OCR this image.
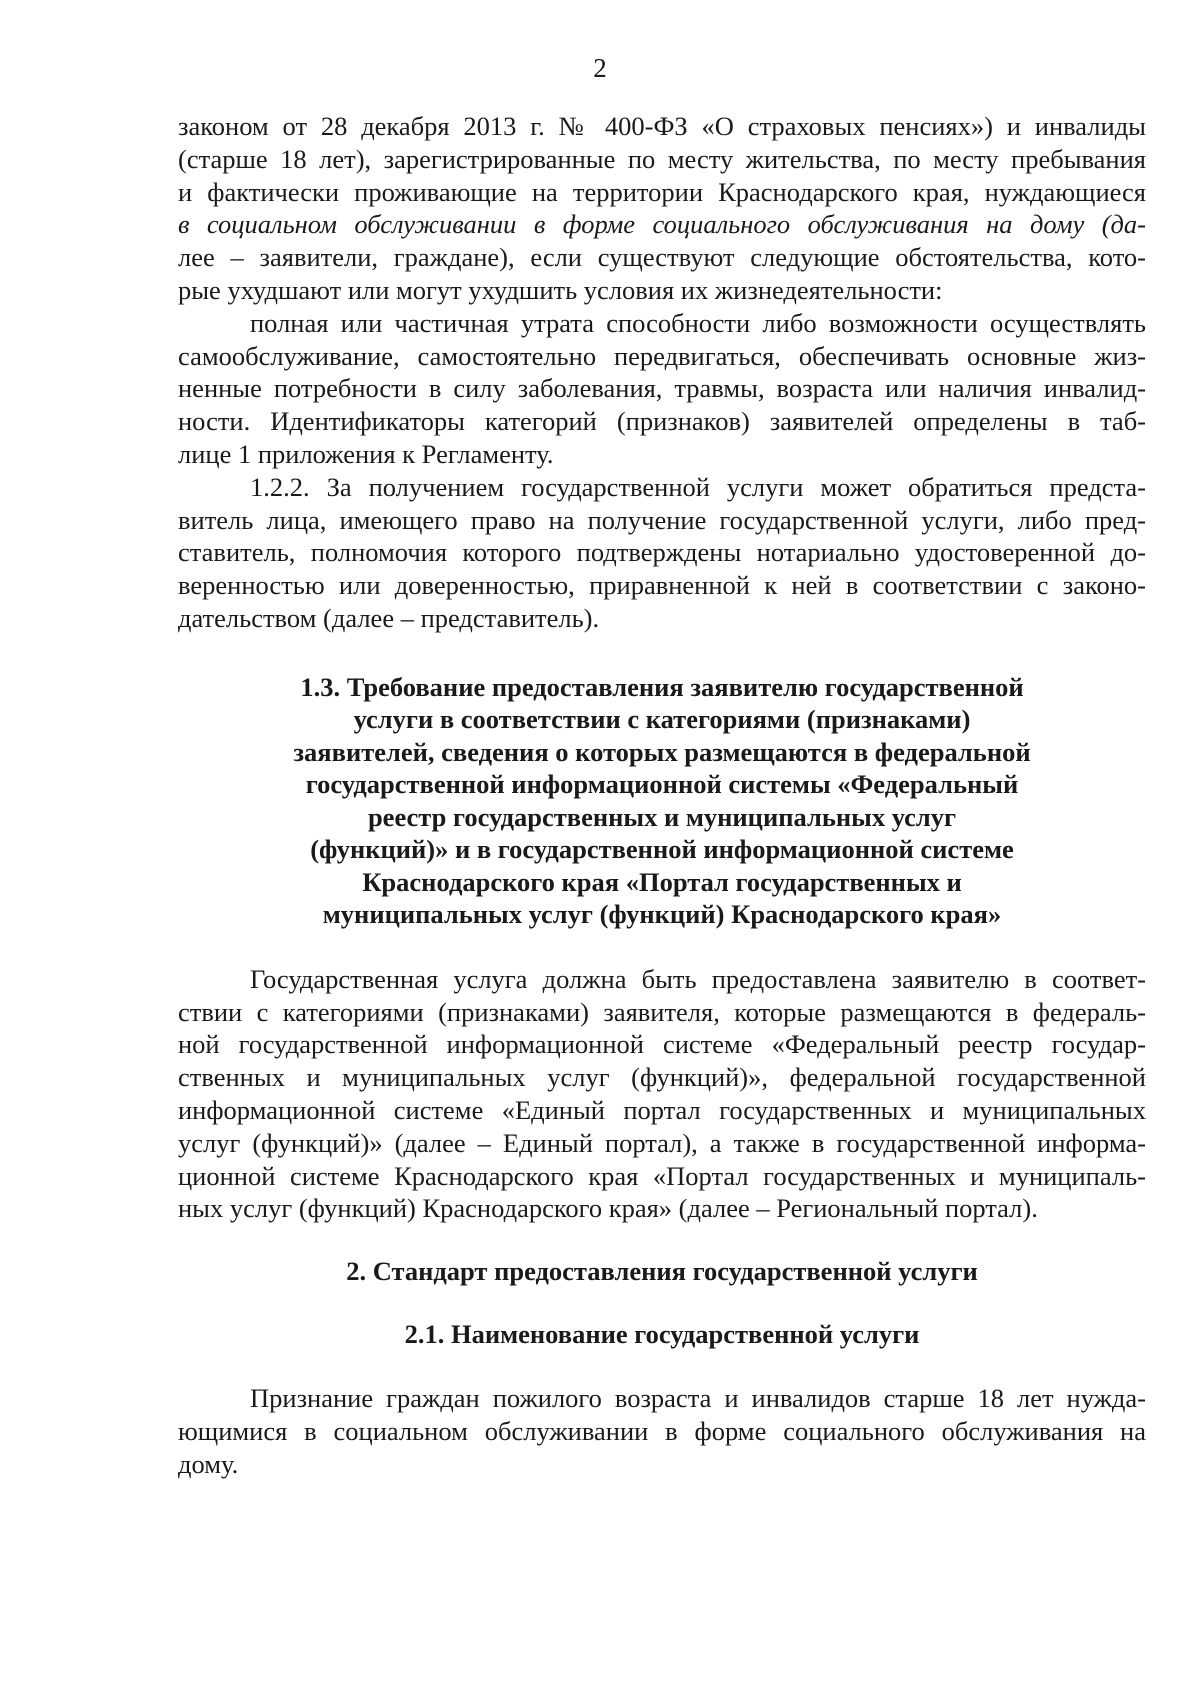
2
законом от 28 декабря 2013 г. № 400-ФЗ «О страховых пенсиях») и инвалиды
(старше 18 лет), зарегистрированные по месту жительства, по месту пребывания
и фактически проживающие на территории Краснодарского края, нуждающиеся
в социальном обслуживании в форме социального обслуживания на дому (да-
лее – заявители, граждане), если существуют следующие обстоятельства, кото-
рые ухудшают или могут ухудшить условия их жизнедеятельности:
полная или частичная утрата способности либо возможности осуществлять
самообслуживание, самостоятельно передвигаться, обеспечивать основные жиз-
ненные потребности в силу заболевания, травмы, возраста или наличия инвалид-
ности. Идентификаторы категорий (признаков) заявителей определены в таб-
лице 1 приложения к Регламенту.
1.2.2. За получением государственной услуги может обратиться предста-
витель лица, имеющего право на получение государственной услуги, либо пред-
ставитель, полномочия которого подтверждены нотариально удостоверенной до-
веренностью или доверенностью, приравненной к ней в соответствии с законо-
дательством (далее – представитель).
1.3. Требование предоставления заявителю государственной
услуги в соответствии с категориями (признаками)
заявителей, сведения о которых размещаются в федеральной
государственной информационной системы «Федеральный
реестр государственных и муниципальных услуг
(функций)» и в государственной информационной системе
Краснодарского края «Портал государственных и
муниципальных услуг (функций) Краснодарского края»
Государственная услуга должна быть предоставлена заявителю в соответ-
ствии с категориями (признаками) заявителя, которые размещаются в федераль-
ной государственной информационной системе «Федеральный реестр государ-
ственных и муниципальных услуг (функций)», федеральной государственной
информационной системе «Единый портал государственных и муниципальных
услуг (функций)» (далее – Единый портал), а также в государственной информа-
ционной системе Краснодарского края «Портал государственных и муниципаль-
ных услуг (функций) Краснодарского края» (далее – Региональный портал).
2. Стандарт предоставления государственной услуги
2.1. Наименование государственной услуги
Признание граждан пожилого возраста и инвалидов старше 18 лет нужда-
ющимися в социальном обслуживании в форме социального обслуживания на
дому.
